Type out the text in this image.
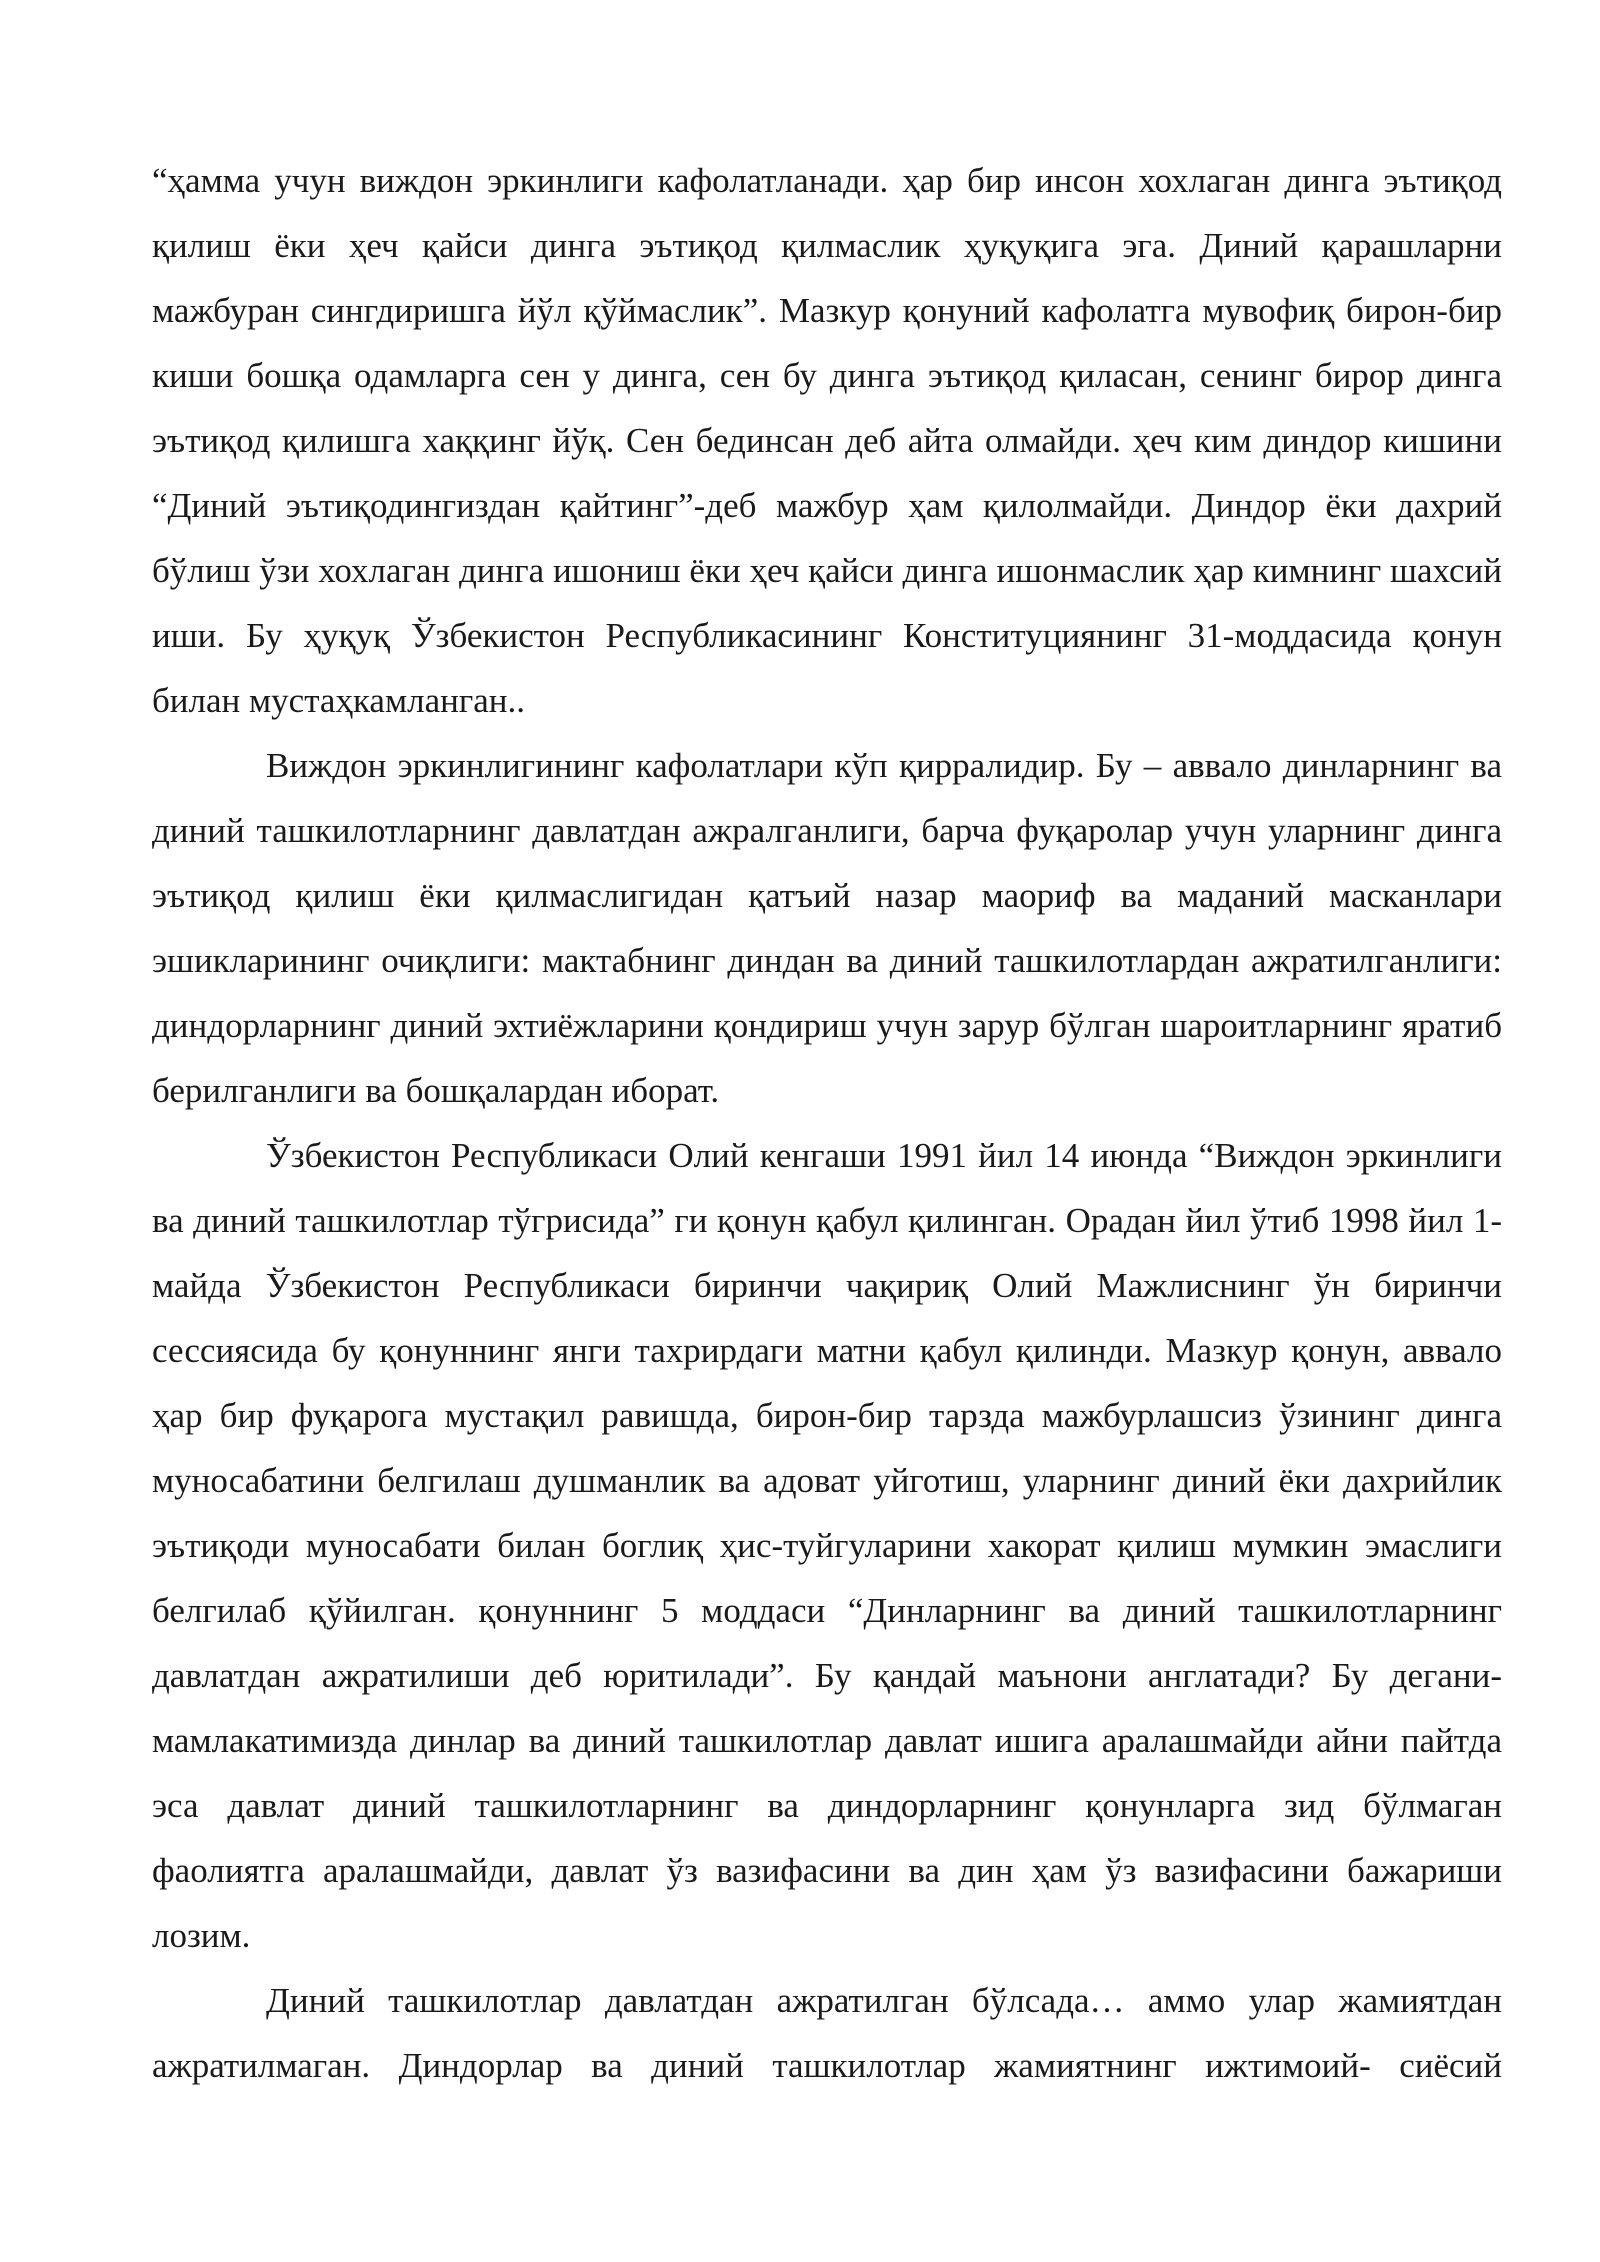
“ҳамма учун виждон эркинлиги кафолатланади. ҳар бир инсон хохлаган динга эътиқод қилиш ёки ҳеч қайси динга эътиқод қилмаслик ҳуқуқига эга. Диний қарашларни мажбуран сингдиришга йўл қўймаслик”. Мазкур қонуний кафолатга мувофиқ бирон-бир киши бошқа одамларга сен у динга, сен бу динга эътиқод қиласан, сенинг бирор динга эътиқод қилишга хаққинг йўқ. Сен бединсан деб айта олмайди. ҳеч ким диндор кишини “Диний эътиқодингиздан қайтинг”-деб мажбур ҳам қилолмайди. Диндор ёки дахрий бўлиш ўзи хохлаган динга ишониш ёки ҳеч қайси динга ишонмаслик ҳар кимнинг шахсий иши. Бу ҳуқуқ Ўзбекистон Республикасининг Конституциянинг 31-моддасида қонун билан мустаҳкамланган..

Виждон эркинлигининг кафолатлари кўп қирралидир. Бу – аввало динларнинг ва диний ташкилотларнинг давлатдан ажралганлиги, барча фуқаролар учун уларнинг динга эътиқод қилиш ёки қилмаслигидан қатъий назар маориф ва маданий масканлари эшикларининг очиқлиги: мактабнинг диндан ва диний ташкилотлардан ажратилганлиги: диндорларнинг диний эхтиёжларини қондириш учун зарур бўлган шароитларнинг яратиб берилганлиги ва бошқалардан иборат.

Ўзбекистон Республикаси Олий кенгаши 1991 йил 14 июнда “Виждон эркинлиги ва диний ташкилотлар тўгрисида” ги қонун қабул қилинган. Орадан йил ўтиб 1998 йил 1-майда Ўзбекистон Республикаси биринчи чақириқ Олий Мажлиснинг ўн биринчи сессиясида бу қонуннинг янги тахрирдаги матни қабул қилинди. Мазкур қонун, аввало ҳар бир фуқарога мустақил равишда, бирон-бир тарзда мажбурлашсиз ўзининг динга муносабатини белгилаш душманлик ва адоват уйготиш, уларнинг диний ёки дахрийлик эътиқоди муносабати билан боглиқ ҳис-туйгуларини хакорат қилиш мумкин эмаслиги белгилаб қўйилган. қонуннинг 5 моддаси “Динларнинг ва диний ташкилотларнинг давлатдан ажратилиши деб юритилади”. Бу қандай маънони англатади? Бу дегани-мамлакатимизда динлар ва диний ташкилотлар давлат ишига аралашмайди айни пайтда эса давлат диний ташкилотларнинг ва диндорларнинг қонунларга зид бўлмаган фаолиятга аралашмайди, давлат ўз вазифасини ва дин ҳам ўз вазифасини бажариши лозим.

Диний ташкилотлар давлатдан ажратилган бўлсада… аммо улар жамиятдан ажратилмаган. Диндорлар ва диний ташкилотлар жамиятнинг ижтимоий- сиёсий
